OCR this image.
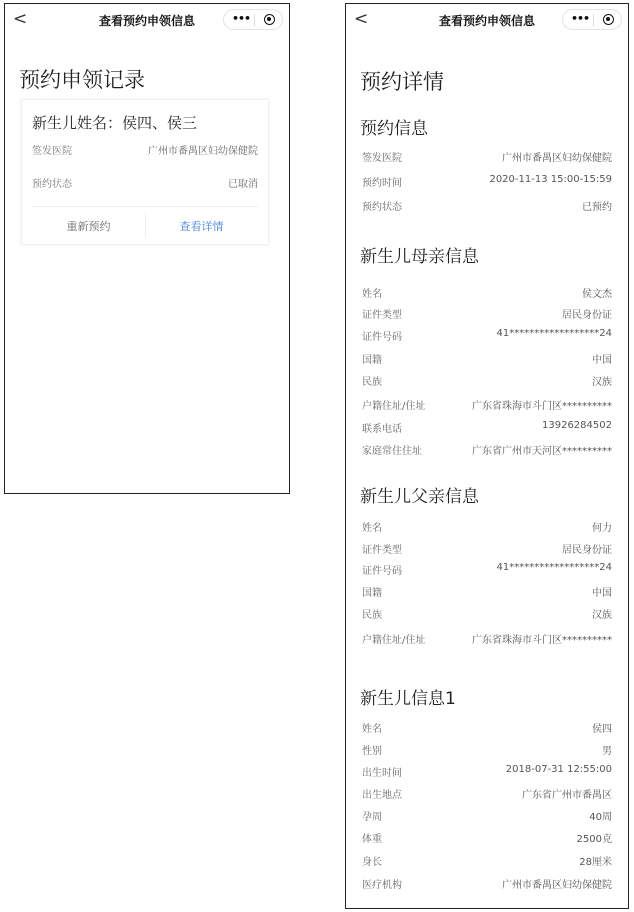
<	查看预约申领信息	•••
预约申领记录
新生儿姓名：侯四、侯三
签发医院	广州市番禺区妇幼保健院
预约状态	已取消
重新预约	查看详情
<	查看预约申领信息	•••
预约详情
预约信息
签发医院	广州市番禺区妇幼保健院
预约时间	2020-11-13 15:00-15:59
预约状态	已预约
新生儿母亲信息
姓名	侯文杰
证件类型	居民身份证
证件号码	41******************24
国籍	中国
民族	汉族
户籍住址/住址	广东省珠海市斗门区**********
联系电话	13926284502
家庭常住住址	广东省广州市天河区**********
新生儿父亲信息
姓名	何力
证件类型	居民身份证
证件号码	41******************24
国籍	中国
民族	汉族
户籍住址/住址	广东省珠海市斗门区**********
新生儿信息1
姓名	侯四
性别	男
出生时间	2018-07-31 12:55:00
出生地点	广东省广州市番禺区
孕周	40周
体重	2500克
身长	28厘米
医疗机构	广州市番禺区妇幼保健院
